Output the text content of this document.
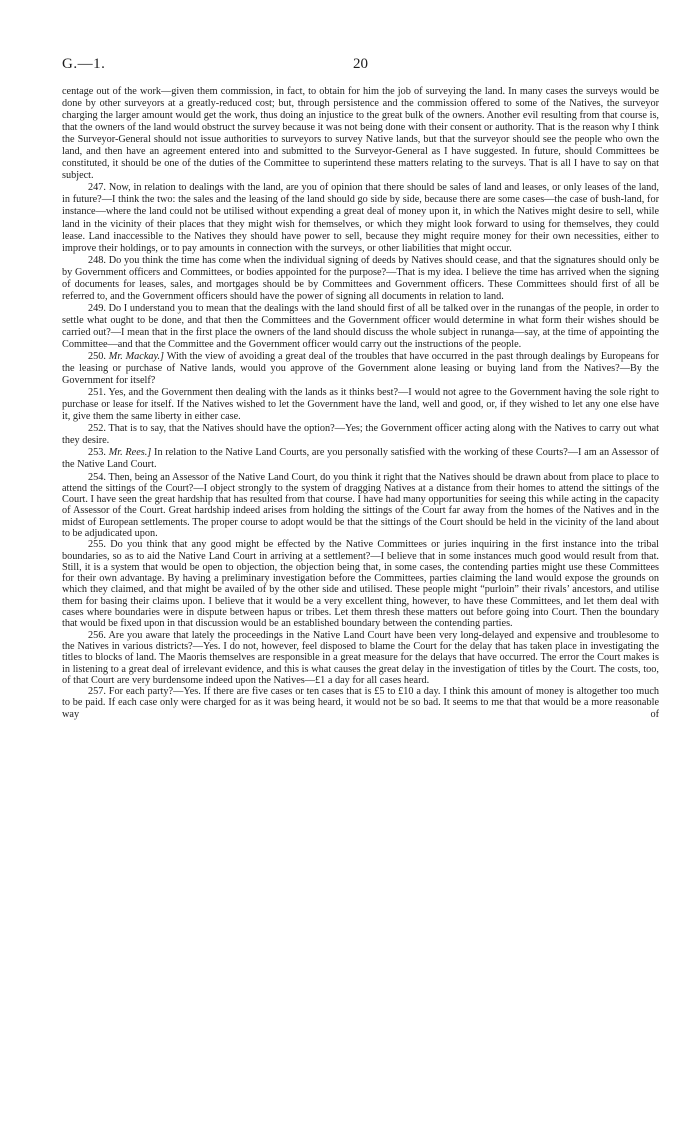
G.—1.	20

centage out of the work—given them commission, in fact, to obtain for him the job of surveying the land. In many cases the surveys would be done by other surveyors at a greatly-reduced cost; but, through persistence and the commission offered to some of the Natives, the surveyor charging the larger amount would get the work, thus doing an injustice to the great bulk of the owners. Another evil resulting from that course is, that the owners of the land would obstruct the survey because it was not being done with their consent or authority. That is the reason why I think the Surveyor-General should not issue authorities to surveyors to survey Native lands, but that the surveyor should see the people who own the land, and then have an agreement entered into and submitted to the Surveyor-General as I have suggested. In future, should Committees be constituted, it should be one of the duties of the Committee to superintend these matters relating to the surveys. That is all I have to say on that subject.

247. Now, in relation to dealings with the land, are you of opinion that there should be sales of land and leases, or only leases of the land, in future?—I think the two: the sales and the leasing of the land should go side by side, because there are some cases—the case of bush-land, for instance—where the land could not be utilised without expending a great deal of money upon it, in which the Natives might desire to sell, while land in the vicinity of their places that they might wish for themselves, or which they might look forward to using for themselves, they could lease. Land inaccessible to the Natives they should have power to sell, because they might require money for their own necessities, either to improve their holdings, or to pay amounts in connection with the surveys, or other liabilities that might occur.

248. Do you think the time has come when the individual signing of deeds by Natives should cease, and that the signatures should only be by Government officers and Committees, or bodies appointed for the purpose?—That is my idea. I believe the time has arrived when the signing of documents for leases, sales, and mortgages should be by Committees and Government officers. These Committees should first of all be referred to, and the Government officers should have the power of signing all documents in relation to land.

249. Do I understand you to mean that the dealings with the land should first of all be talked over in the runangas of the people, in order to settle what ought to be done, and that then the Committees and the Government officer would determine in what form their wishes should be carried out?—I mean that in the first place the owners of the land should discuss the whole subject in runanga—say, at the time of appointing the Committee—and that the Committee and the Government officer would carry out the instructions of the people.

250. Mr. Mackay.] With the view of avoiding a great deal of the troubles that have occurred in the past through dealings by Europeans for the leasing or purchase of Native lands, would you approve of the Government alone leasing or buying land from the Natives?—By the Government for itself?

251. Yes, and the Government then dealing with the lands as it thinks best?—I would not agree to the Government having the sole right to purchase or lease for itself. If the Natives wished to let the Government have the land, well and good, or, if they wished to let any one else have it, give them the same liberty in either case.

252. That is to say, that the Natives should have the option?—Yes; the Government officer acting along with the Natives to carry out what they desire.

253. Mr. Rees.] In relation to the Native Land Courts, are you personally satisfied with the working of these Courts?—I am an Assessor of the Native Land Court.

254. Then, being an Assessor of the Native Land Court, do you think it right that the Natives should be drawn about from place to place to attend the sittings of the Court?—I object strongly to the system of dragging Natives at a distance from their homes to attend the sittings of the Court. I have seen the great hardship that has resulted from that course. I have had many opportunities for seeing this while acting in the capacity of Assessor of the Court. Great hardship indeed arises from holding the sittings of the Court far away from the homes of the Natives and in the midst of European settlements. The proper course to adopt would be that the sittings of the Court should be held in the vicinity of the land about to be adjudicated upon.

255. Do you think that any good might be effected by the Native Committees or juries inquiring in the first instance into the tribal boundaries, so as to aid the Native Land Court in arriving at a settlement?—I believe that in some instances much good would result from that. Still, it is a system that would be open to objection, the objection being that, in some cases, the contending parties might use these Committees for their own advantage. By having a preliminary investigation before the Committees, parties claiming the land would expose the grounds on which they claimed, and that might be availed of by the other side and utilised. These people might “purloin” their rivals’ ancestors, and utilise them for basing their claims upon. I believe that it would be a very excellent thing, however, to have these Committees, and let them deal with cases where boundaries were in dispute between hapus or tribes. Let them thresh these matters out before going into Court. Then the boundary that would be fixed upon in that discussion would be an established boundary between the contending parties.

256. Are you aware that lately the proceedings in the Native Land Court have been very long-delayed and expensive and troublesome to the Natives in various districts?—Yes. I do not, however, feel disposed to blame the Court for the delay that has taken place in investigating the titles to blocks of land. The Maoris themselves are responsible in a great measure for the delays that have occurred. The error the Court makes is in listening to a great deal of irrelevant evidence, and this is what causes the great delay in the investigation of titles by the Court. The costs, too, of that Court are very burdensome indeed upon the Natives—£1 a day for all cases heard.

257. For each party?—Yes. If there are five cases or ten cases that is £5 to £10 a day. I think this amount of money is altogether too much to be paid. If each case only were charged for as it was being heard, it would not be so bad. It seems to me that that would be a more reasonable way of
